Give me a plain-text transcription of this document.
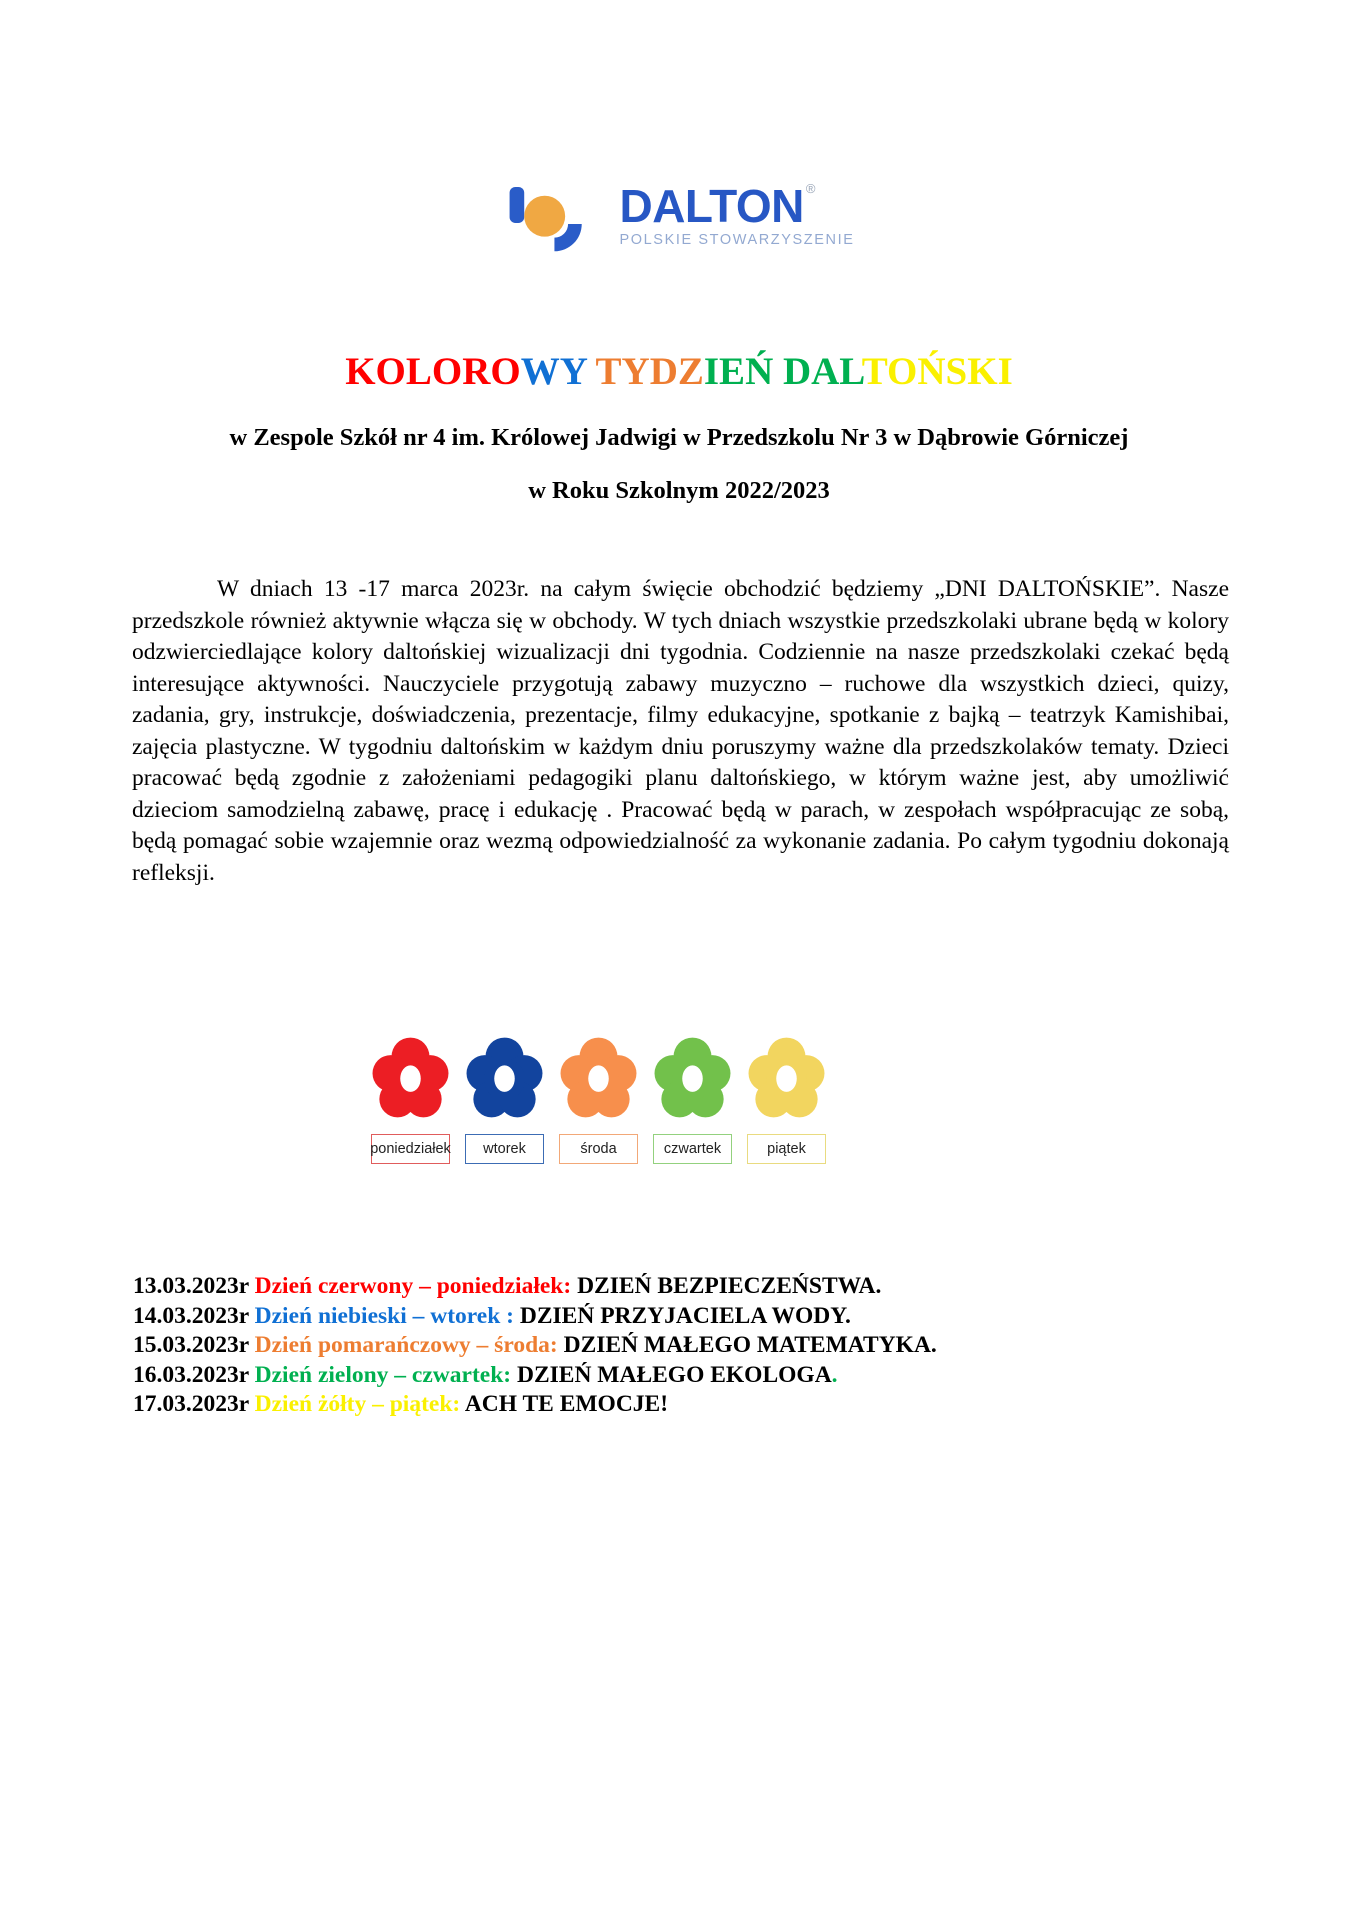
DALTON ®
POLSKIE STOWARZYSZENIE
KOLOROWY TYDZIEŃ DALTOŃSKI
w Zespole Szkół nr 4 im. Królowej Jadwigi w Przedszkolu Nr 3 w Dąbrowie Górniczej
w Roku Szkolnym 2022/2023
W dniach 13 -17 marca 2023r. na całym święcie obchodzić będziemy „DNI DALTOŃSKIE”. Nasze przedszkole również aktywnie włącza się w obchody. W tych dniach wszystkie przedszkolaki ubrane będą w kolory odzwierciedlające kolory daltońskiej wizualizacji dni tygodnia. Codziennie na nasze przedszkolaki czekać będą interesujące aktywności. Nauczyciele przygotują zabawy muzyczno – ruchowe dla wszystkich dzieci, quizy, zadania, gry, instrukcje, doświadczenia, prezentacje, filmy edukacyjne, spotkanie z bajką – teatrzyk Kamishibai, zajęcia plastyczne. W tygodniu daltońskim w każdym dniu poruszymy ważne dla przedszkolaków tematy. Dzieci pracować będą zgodnie z założeniami pedagogiki planu daltońskiego, w którym ważne jest, aby umożliwić dzieciom samodzielną zabawę, pracę i edukację . Pracować będą w parach, w zespołach współpracując ze sobą, będą pomagać sobie wzajemnie oraz wezmą odpowiedzialność za wykonanie zadania. Po całym tygodniu dokonają refleksji.
poniedziałek	wtorek	środa	czwartek	piątek
13.03.2023r Dzień czerwony – poniedziałek: DZIEŃ BEZPIECZEŃSTWA.
14.03.2023r Dzień niebieski – wtorek : DZIEŃ PRZYJACIELA WODY.
15.03.2023r Dzień pomarańczowy – środa: DZIEŃ MAŁEGO MATEMATYKA.
16.03.2023r Dzień zielony – czwartek: DZIEŃ MAŁEGO EKOLOGA.
17.03.2023r Dzień żółty – piątek: ACH TE EMOCJE!
